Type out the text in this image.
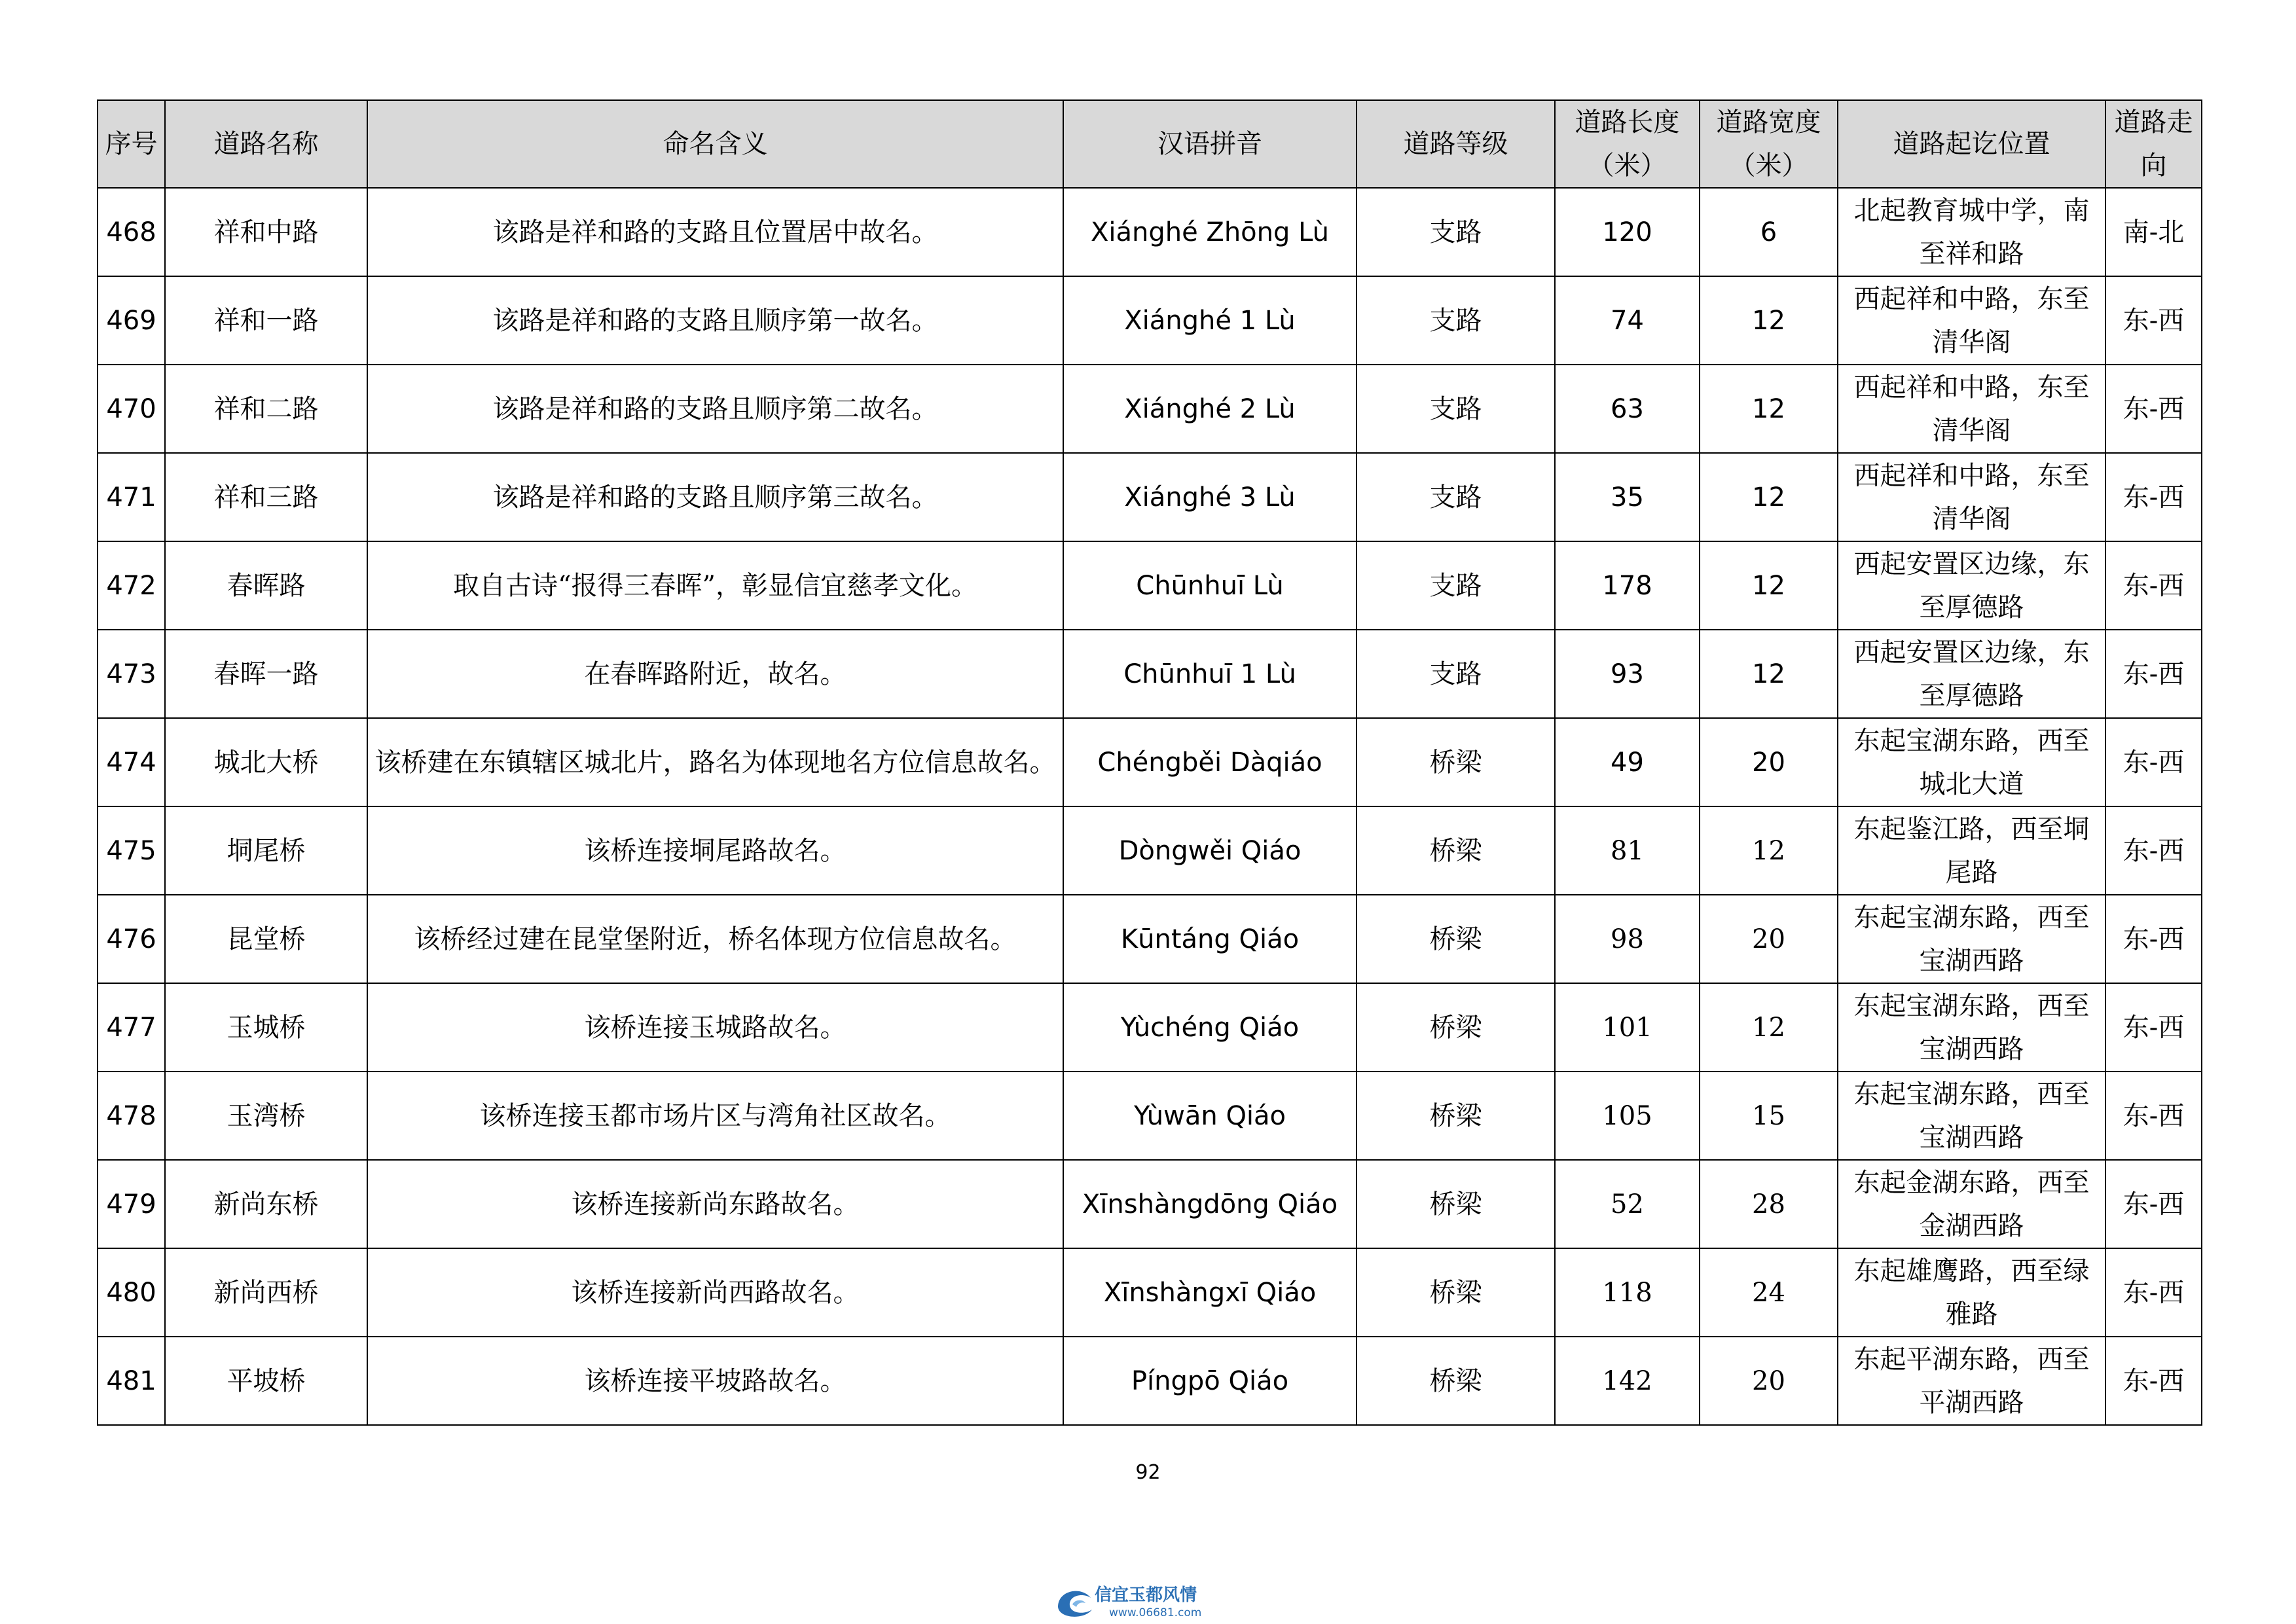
序号	道路名称	命名含义	汉语拼音	道路等级	道路长度（米）	道路宽度（米）	道路起讫位置	道路走向
468	祥和中路	该路是祥和路的支路且位置居中故名。	Xiánghé Zhōng Lù	支路	120	6	北起教育城中学，南至祥和路	南-北
469	祥和一路	该路是祥和路的支路且顺序第一故名。	Xiánghé 1 Lù	支路	74	12	西起祥和中路，东至清华阁	东-西
470	祥和二路	该路是祥和路的支路且顺序第二故名。	Xiánghé 2 Lù	支路	63	12	西起祥和中路，东至清华阁	东-西
471	祥和三路	该路是祥和路的支路且顺序第三故名。	Xiánghé 3 Lù	支路	35	12	西起祥和中路，东至清华阁	东-西
472	春晖路	取自古诗“报得三春晖”，彰显信宜慈孝文化。	Chūnhuī Lù	支路	178	12	西起安置区边缘，东至厚德路	东-西
473	春晖一路	在春晖路附近，故名。	Chūnhuī 1 Lù	支路	93	12	西起安置区边缘，东至厚德路	东-西
474	城北大桥	该桥建在东镇辖区城北片，路名为体现地名方位信息故名。	Chéngběi Dàqiáo	桥梁	49	20	东起宝湖东路，西至城北大道	东-西
475	垌尾桥	该桥连接垌尾路故名。	Dòngwěi Qiáo	桥梁	81	12	东起鉴江路，西至垌尾路	东-西
476	昆堂桥	该桥经过建在昆堂堡附近，桥名体现方位信息故名。	Kūntáng Qiáo	桥梁	98	20	东起宝湖东路，西至宝湖西路	东-西
477	玉城桥	该桥连接玉城路故名。	Yùchéng Qiáo	桥梁	101	12	东起宝湖东路，西至宝湖西路	东-西
478	玉湾桥	该桥连接玉都市场片区与湾角社区故名。	Yùwān Qiáo	桥梁	105	15	东起宝湖东路，西至宝湖西路	东-西
479	新尚东桥	该桥连接新尚东路故名。	Xīnshàngdōng Qiáo	桥梁	52	28	东起金湖东路，西至金湖西路	东-西
480	新尚西桥	该桥连接新尚西路故名。	Xīnshàngxī Qiáo	桥梁	118	24	东起雄鹰路，西至绿雅路	东-西
481	平坡桥	该桥连接平坡路故名。	Píngpō Qiáo	桥梁	142	20	东起平湖东路，西至平湖西路	东-西
92
信宜玉都风情
www.06681.com
